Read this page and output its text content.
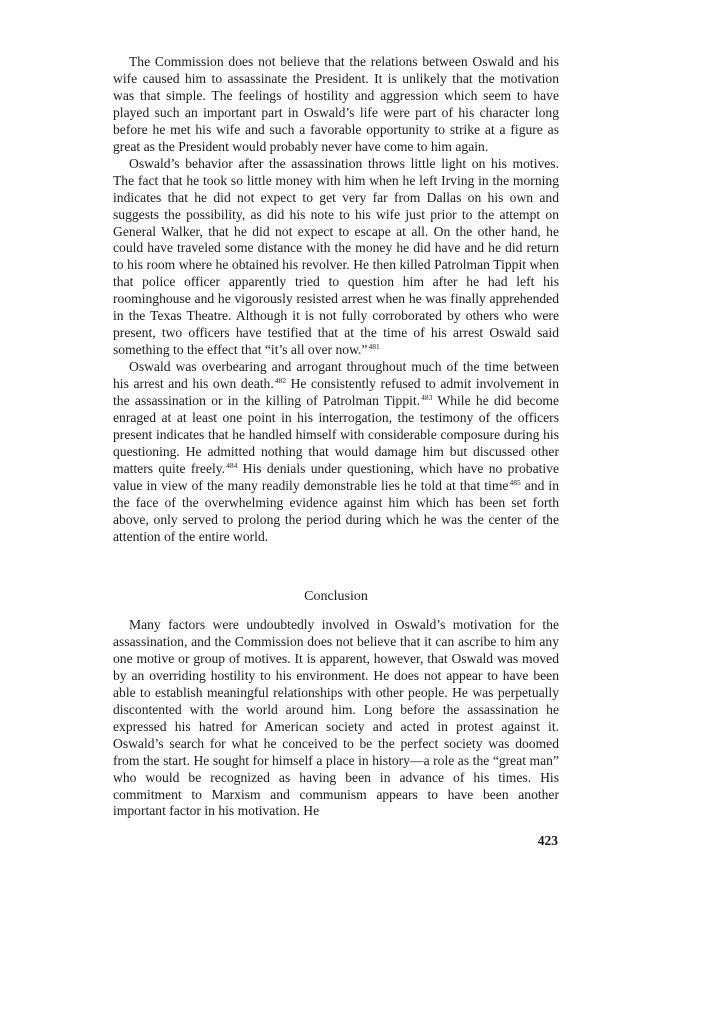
The Commission does not believe that the relations between Oswald and his wife caused him to assassinate the President. It is unlikely that the motivation was that simple. The feelings of hostility and aggression which seem to have played such an important part in Oswald’s life were part of his character long before he met his wife and such a favorable opportunity to strike at a figure as great as the President would probably never have come to him again.

Oswald’s behavior after the assassination throws little light on his motives. The fact that he took so little money with him when he left Irving in the morning indicates that he did not expect to get very far from Dallas on his own and suggests the possibility, as did his note to his wife just prior to the attempt on General Walker, that he did not expect to escape at all. On the other hand, he could have traveled some distance with the money he did have and he did return to his room where he obtained his revolver. He then killed Patrolman Tippit when that police officer apparently tried to question him after he had left his roominghouse and he vigorously resisted arrest when he was finally apprehended in the Texas Theatre. Although it is not fully corroborated by others who were present, two officers have testified that at the time of his arrest Oswald said something to the effect that “it’s all over now.”$^{481}$

Oswald was overbearing and arrogant throughout much of the time between his arrest and his own death.$^{482}$ He consistently refused to admit involvement in the assassination or in the killing of Patrolman Tippit.$^{483}$ While he did become enraged at at least one point in his interrogation, the testimony of the officers present indicates that he handled himself with considerable composure during his questioning. He admitted nothing that would damage him but discussed other matters quite freely.$^{484}$ His denials under questioning, which have no probative value in view of the many readily demonstrable lies he told at that time$^{485}$ and in the face of the overwhelming evidence against him which has been set forth above, only served to prolong the period during which he was the center of the attention of the entire world.

Conclusion

Many factors were undoubtedly involved in Oswald’s motivation for the assassination, and the Commission does not believe that it can ascribe to him any one motive or group of motives. It is apparent, however, that Oswald was moved by an overriding hostility to his environment. He does not appear to have been able to establish meaningful relationships with other people. He was perpetually discontented with the world around him. Long before the assassination he expressed his hatred for American society and acted in protest against it. Oswald’s search for what he conceived to be the perfect society was doomed from the start. He sought for himself a place in history—a role as the “great man” who would be recognized as having been in advance of his times. His commitment to Marxism and communism appears to have been another important factor in his motivation. He

423
